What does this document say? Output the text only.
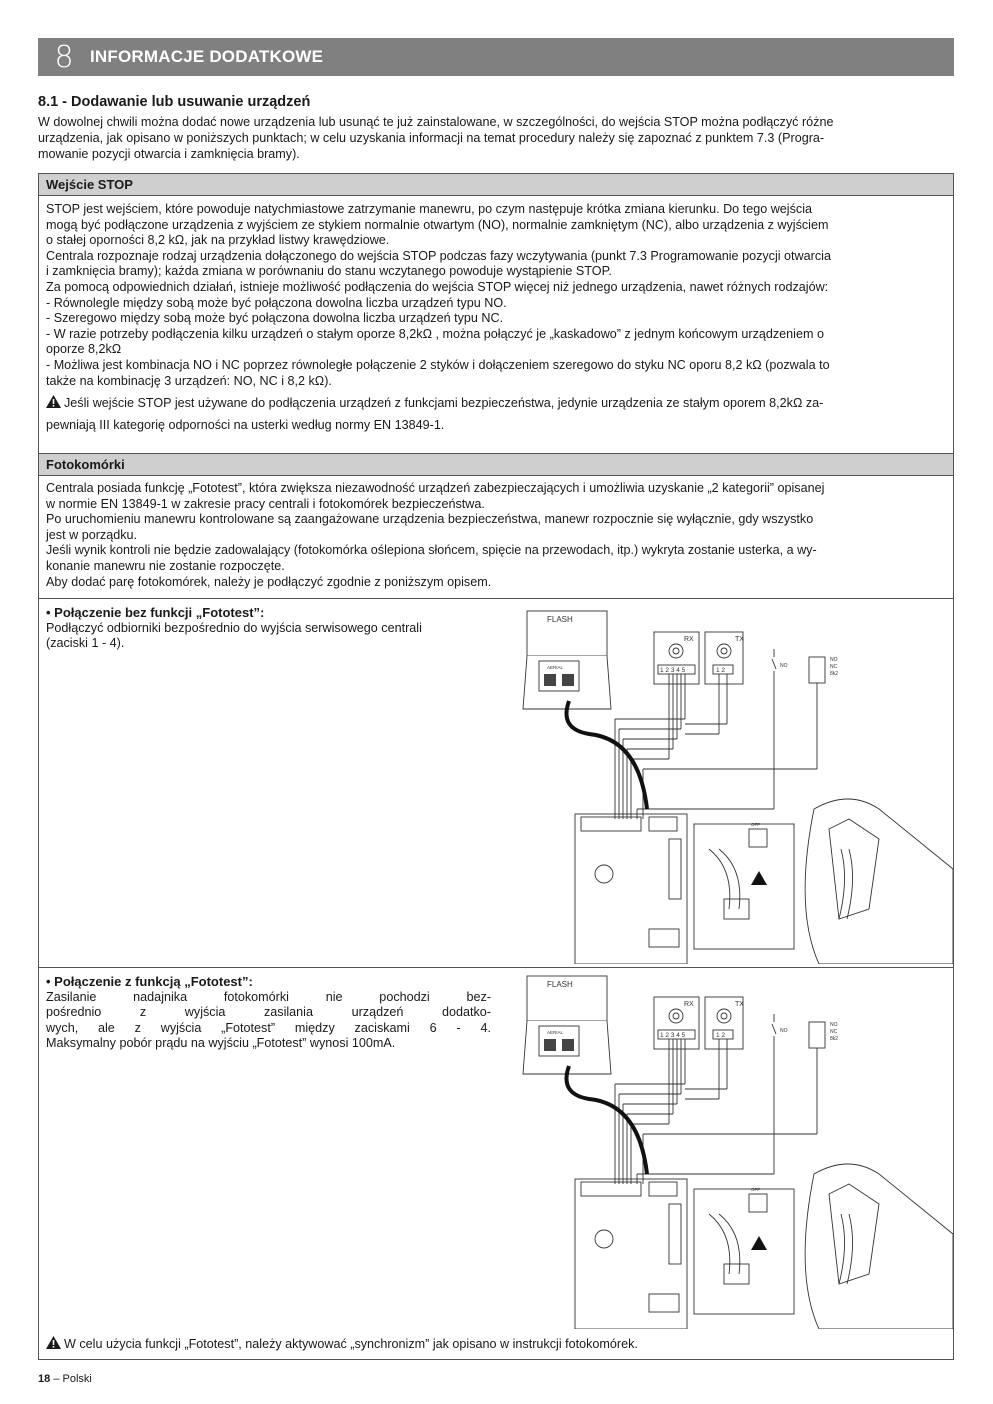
8 INFORMACJE DODATKOWE
8.1 - Dodawanie lub usuwanie urządzeń
W dowolnej chwili można dodać nowe urządzenia lub usunąć te już zainstalowane, w szczególności, do wejścia STOP można podłączyć różne
urządzenia, jak opisano w poniższych punktach; w celu uzyskania informacji na temat procedury należy się zapoznać z punktem 7.3 (Progra-
mowanie pozycji otwarcia i zamknięcia bramy).
Wejście STOP

STOP jest wejściem, które powoduje natychmiastowe zatrzymanie manewru, po czym następuje krótka zmiana kierunku. Do tego wejścia

mogą być podłączone urządzenia z wyjściem ze stykiem normalnie otwartym (NO), normalnie zamkniętym (NC), albo urządzenia z wyjściem

o stałej oporności 8,2 kΩ, jak na przykład listwy krawędziowe.

Centrala rozpoznaje rodzaj urządzenia dołączonego do wejścia STOP podczas fazy wczytywania (punkt 7.3 Programowanie pozycji otwarcia

i zamknięcia bramy); każda zmiana w porównaniu do stanu wczytanego powoduje wystąpienie STOP.

Za pomocą odpowiednich działań, istnieje możliwość podłączenia do wejścia STOP więcej niż jednego urządzenia, nawet różnych rodzajów:

- Równolegle między sobą może być połączona dowolna liczba urządzeń typu NO.

- Szeregowo między sobą może być połączona dowolna liczba urządzeń typu NC.

- W razie potrzeby podłączenia kilku urządzeń o stałym oporze 8,2kΩ , można połączyć je „kaskadowo” z jednym końcowym urządzeniem o

oporze 8,2kΩ

- Możliwa jest kombinacja NO i NC poprzez równoległe połączenie 2 styków i dołączeniem szeregowo do styku NC oporu 8,2 kΩ (pozwala to

także na kombinację 3 urządzeń: NO, NC i 8,2 kΩ).

Jeśli wejście STOP jest używane do podłączenia urządzeń z funkcjami bezpieczeństwa, jedynie urządzenia ze stałym oporem 8,2kΩ za-

pewniają III kategorię odporności na usterki według normy EN 13849-1.

Fotokomórki

Centrala posiada funkcję „Fototest”, która zwiększa niezawodność urządzeń zabezpieczających i umożliwia uzyskanie „2 kategorii” opisanej

w normie EN 13849-1 w zakresie pracy centrali i fotokomórek bezpieczeństwa.

Po uruchomieniu manewru kontrolowane są zaangażowane urządzenia bezpieczeństwa, manewr rozpocznie się wyłącznie, gdy wszystko

jest w porządku.

Jeśli wynik kontroli nie będzie zadowalający (fotokomórka oślepiona słońcem, spięcie na przewodach, itp.) wykryta zostanie usterka, a wy-

konanie manewru nie zostanie rozpoczęte.

Aby dodać parę fotokomórek, należy je podłączyć zgodnie z poniższym opisem.

• Połączenie bez funkcji „Fototest”:

Podłączyć odbiorniki bezpośrednio do wyjścia serwisowego centrali

(zaciski 1 - 4).

FLASH
AERIAL
RX	TX
1 2 3 4 5	1 2
NO
NO
NC
8k2
OFF
• Połączenie z funkcją „Fototest”:

Zasilanie nadajnika fotokomórki nie pochodzi bez-

pośrednio z wyjścia zasilania urządzeń dodatko-

wych, ale z wyjścia „Fototest” między zaciskami 6 - 4.

Maksymalny pobór prądu na wyjściu „Fototest” wynosi 100mA.

FLASH
AERIAL
RX	TX
1 2 3 4 5	1 2
NO
NO
NC
8k2
OFF
W celu użycia funkcji „Fototest”, należy aktywować „synchronizm” jak opisano w instrukcji fotokomórek.
18 – Polski
